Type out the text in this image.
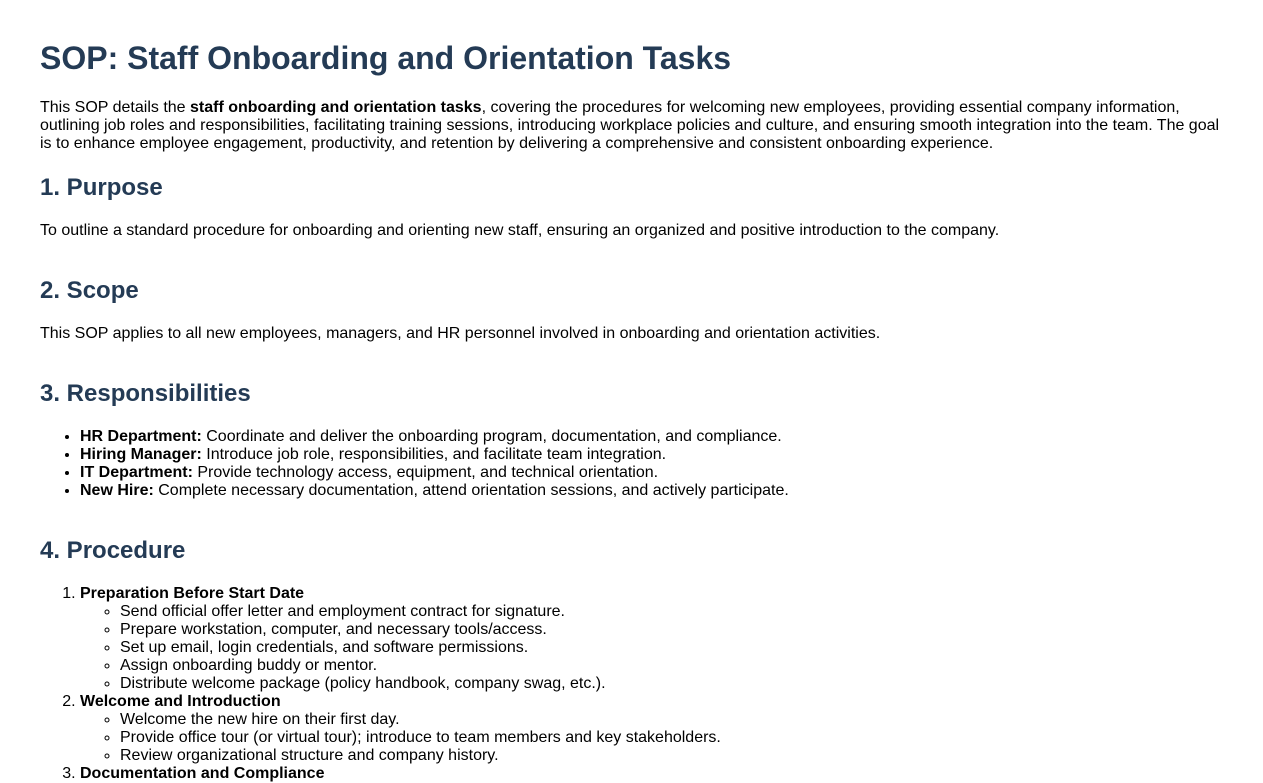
SOP: Staff Onboarding and Orientation Tasks

This SOP details the staff onboarding and orientation tasks, covering the procedures for welcoming new employees, providing essential company information, outlining job roles and responsibilities, facilitating training sessions, introducing workplace policies and culture, and ensuring smooth integration into the team. The goal is to enhance employee engagement, productivity, and retention by delivering a comprehensive and consistent onboarding experience.

1. Purpose

To outline a standard procedure for onboarding and orienting new staff, ensuring an organized and positive introduction to the company.

2. Scope

This SOP applies to all new employees, managers, and HR personnel involved in onboarding and orientation activities.

3. Responsibilities
• HR Department: Coordinate and deliver the onboarding program, documentation, and compliance.
• Hiring Manager: Introduce job role, responsibilities, and facilitate team integration.
• IT Department: Provide technology access, equipment, and technical orientation.
• New Hire: Complete necessary documentation, attend orientation sessions, and actively participate.
4. Procedure
1. Preparation Before Start Date
◦ Send official offer letter and employment contract for signature.
◦ Prepare workstation, computer, and necessary tools/access.
◦ Set up email, login credentials, and software permissions.
◦ Assign onboarding buddy or mentor.
◦ Distribute welcome package (policy handbook, company swag, etc.).
2. Welcome and Introduction
◦ Welcome the new hire on their first day.
◦ Provide office tour (or virtual tour); introduce to team members and key stakeholders.
◦ Review organizational structure and company history.
3. Documentation and Compliance
